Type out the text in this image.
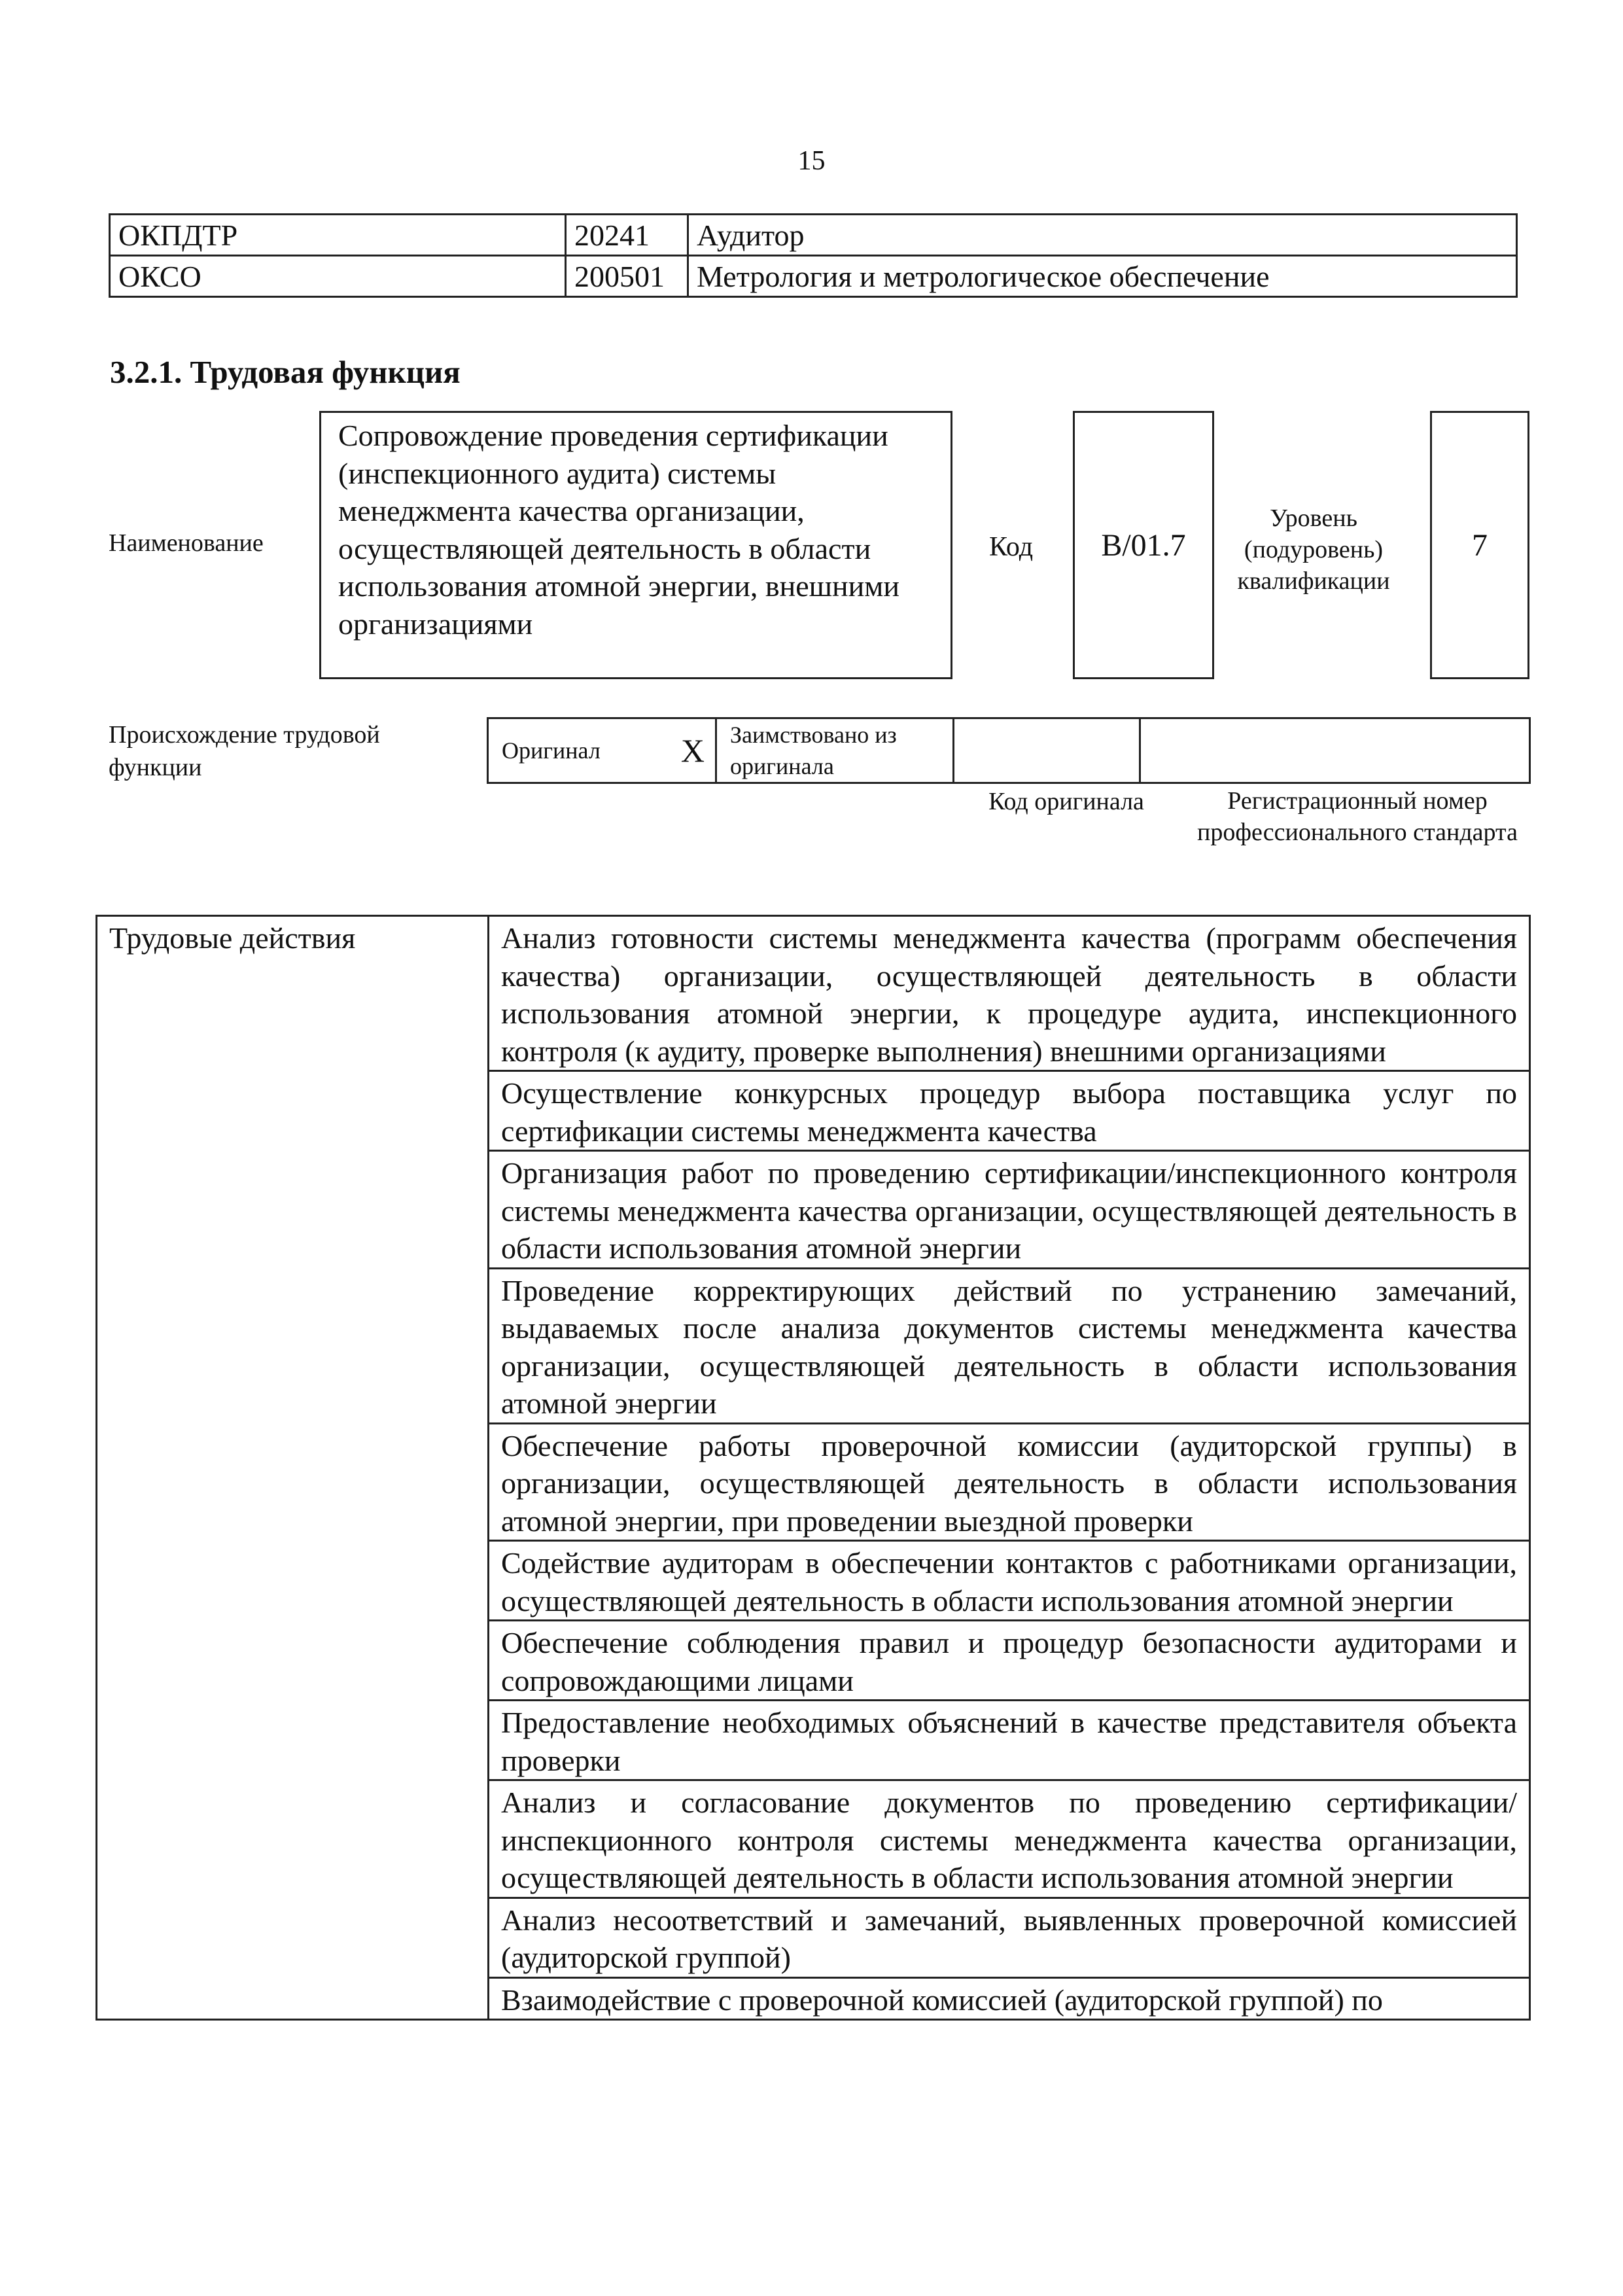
15
ОКПДТР	20241	Аудитор
ОКСО	200501	Метрология и метрологическое обеспечение
3.2.1. Трудовая функция
Наименование
Сопровождение проведения сертификации (инспекционного аудита) системы менеджмента качества организации, осуществляющей деятельность в области использования атомной энергии, внешними организациями
Код B/01.7
Уровень (подуровень) квалификации
7
Происхождение трудовой функции
Оригинал	X	Заимствовано из оригинала		
Код оригинала	Регистрационный номер профессионального стандарта
Трудовые действия	Анализ готовности системы менеджмента качества (программ обеспечения качества) организации, осуществляющей деятельность в области использования атомной энергии, к процедуре аудита, инспекционного контроля (к аудиту, проверке выполнения) внешними организациями
Осуществление конкурсных процедур выбора поставщика услуг по сертификации системы менеджмента качества
Организация работ по проведению сертификации/инспекционного контроля системы менеджмента качества организации, осуществляющей деятельность в области использования атомной энергии
Проведение корректирующих действий по устранению замечаний, выдаваемых после анализа документов системы менеджмента качества организации, осуществляющей деятельность в области использования атомной энергии
Обеспечение работы проверочной комиссии (аудиторской группы) в организации, осуществляющей деятельность в области использования атомной энергии, при проведении выездной проверки
Содействие аудиторам в обеспечении контактов с работниками организации, осуществляющей деятельность в области использования атомной энергии
Обеспечение соблюдения правил и процедур безопасности аудиторами и сопровождающими лицами
Предоставление необходимых объяснений в качестве представителя объекта проверки
Анализ и согласование документов по проведению сертификации/инспекционного контроля системы менеджмента качества организации, осуществляющей деятельность в области использования атомной энергии
Анализ несоответствий и замечаний, выявленных проверочной комиссией (аудиторской группой)
Взаимодействие с проверочной комиссией (аудиторской группой) по
